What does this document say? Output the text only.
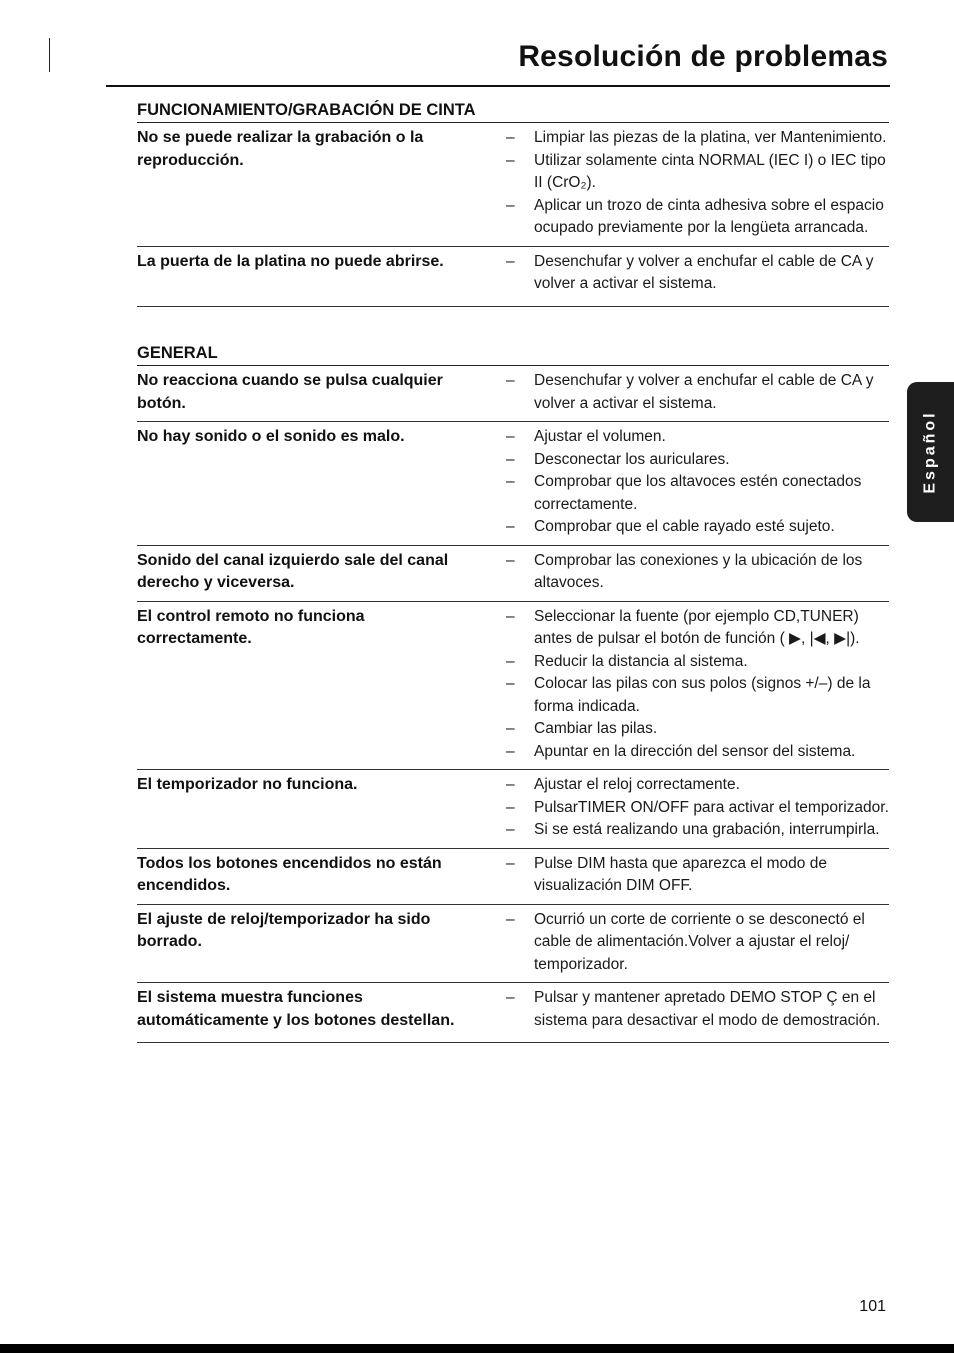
Resolución de problemas
FUNCIONAMIENTO/GRABACIÓN DE CINTA
No se puede realizar la grabación o la reproducción.
–	Limpiar las piezas de la platina, ver Mantenimiento.
–	Utilizar solamente cinta NORMAL (IEC I) o IEC tipo II (CrO₂).
–	Aplicar un trozo de cinta adhesiva sobre el espacio ocupado previamente por la lengüeta arrancada.
La puerta de la platina no puede abrirse.	–	Desenchufar y volver a enchufar el cable de CA y volver a activar el sistema.
GENERAL
No reacciona cuando se pulsa cualquier botón.
–	Desenchufar y volver a enchufar el cable de CA y volver a activar el sistema.
No hay sonido o el sonido es malo.	–	Ajustar el volumen.
–	Desconectar los auriculares.
–	Comprobar que los altavoces estén conectados correctamente.
–	Comprobar que el cable rayado esté sujeto.
Sonido del canal izquierdo sale del canal derecho y viceversa.
–	Comprobar las conexiones y la ubicación de los altavoces.
El control remoto no funciona correctamente.
–	Seleccionar la fuente (por ejemplo CD,TUNER) antes de pulsar el botón de función ( ▶, |◀, ▶|).
–	Reducir la distancia al sistema.
–	Colocar las pilas con sus polos (signos +/–) de la forma indicada.
–	Cambiar las pilas.
–	Apuntar en la dirección del sensor del sistema.
El temporizador no funciona.	–	Ajustar el reloj correctamente.
–	PulsarTIMER ON/OFF para activar el temporizador.
–	Si se está realizando una grabación, interrumpirla.
Todos los botones encendidos no están encendidos.
–	Pulse DIM hasta que aparezca el modo de visualización DIM OFF.
El ajuste de reloj/temporizador ha sido borrado.
–	Ocurrió un corte de corriente o se desconectó el cable de alimentación.Volver a ajustar el reloj/ temporizador.
El sistema muestra funciones automáticamente y los botones destellan.
–	Pulsar y mantener apretado DEMO STOP Ç en el sistema para desactivar el modo de demostración.
Español
101
